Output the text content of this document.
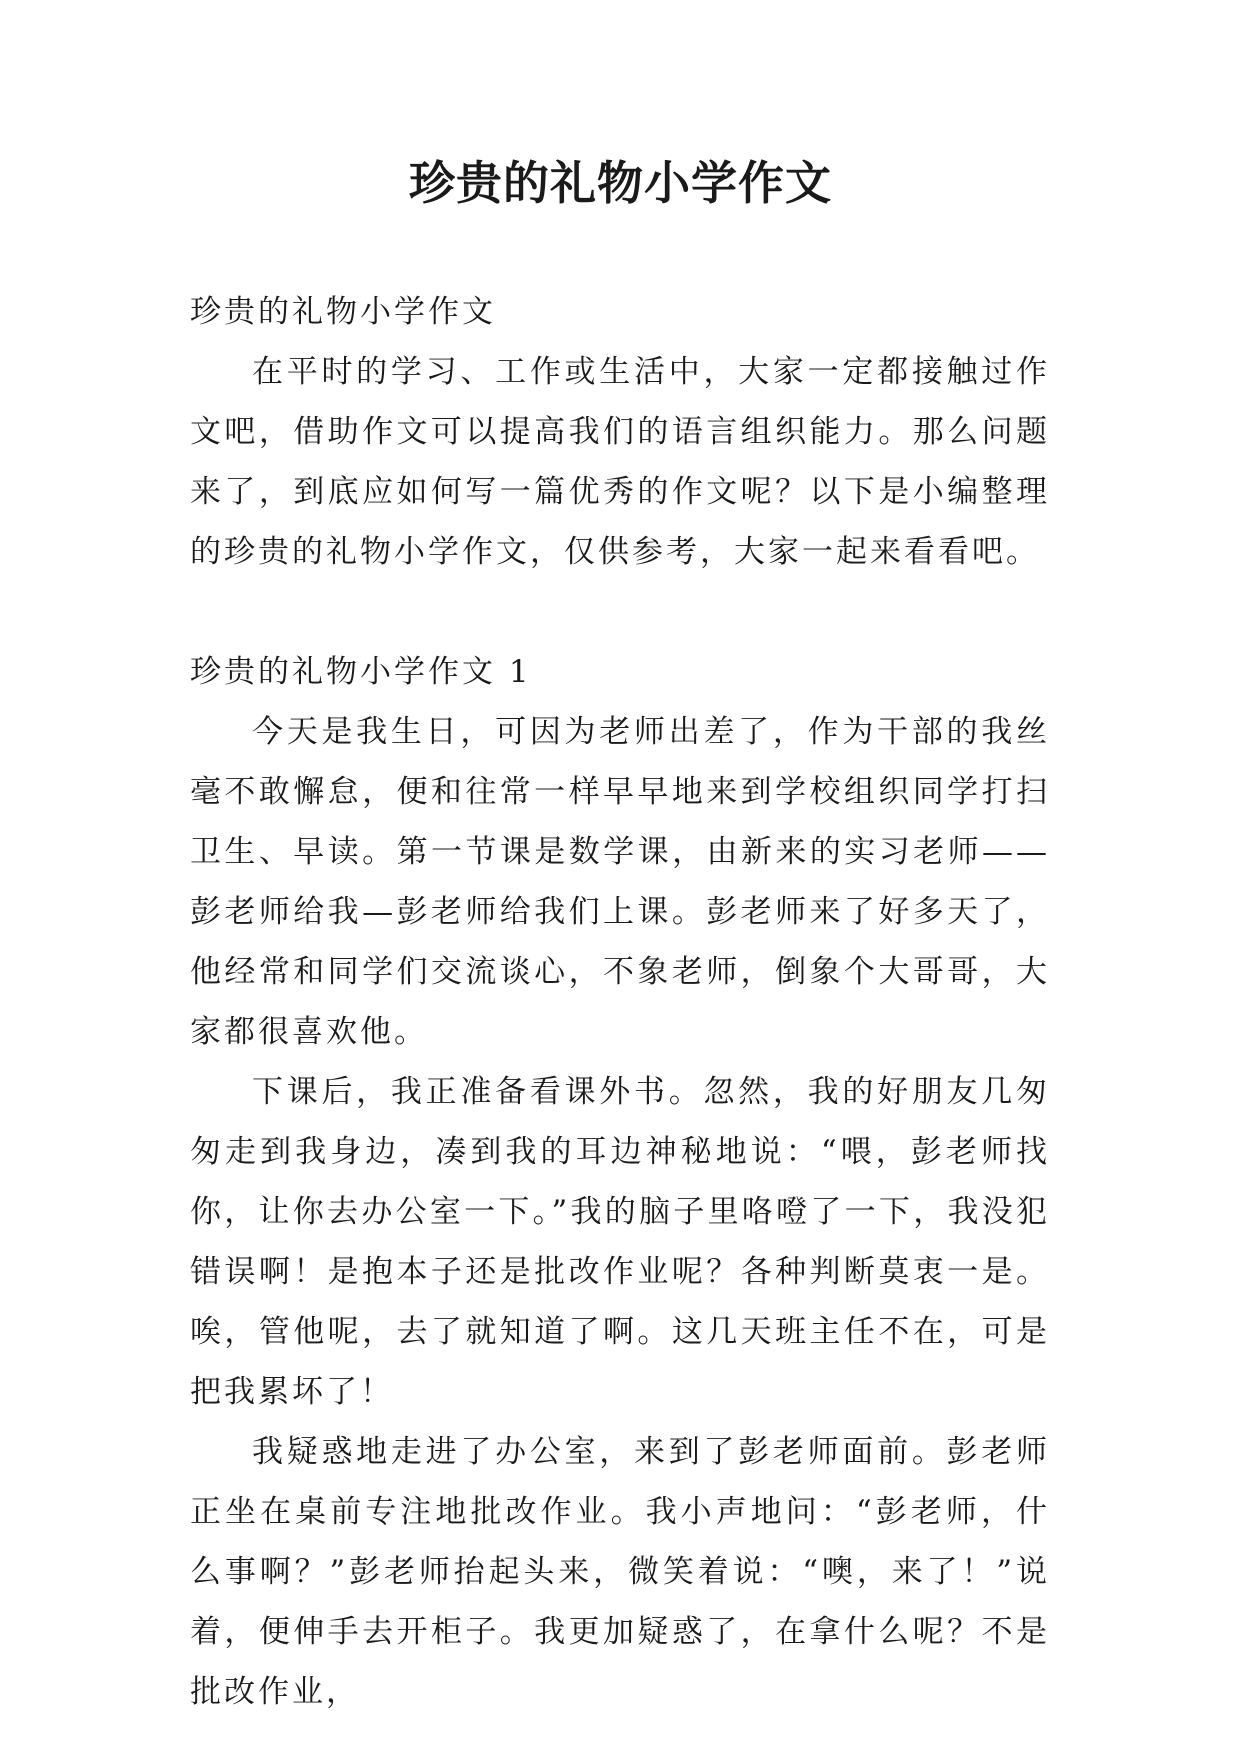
珍贵的礼物小学作文

珍贵的礼物小学作文

在平时的学习、工作或生活中，大家一定都接触过作文吧，借助作文可以提高我们的语言组织能力。那么问题来了，到底应如何写一篇优秀的作文呢？以下是小编整理的珍贵的礼物小学作文，仅供参考，大家一起来看看吧。

珍贵的礼物小学作文 1

今天是我生日，可因为老师出差了，作为干部的我丝毫不敢懈怠，便和往常一样早早地来到学校组织同学打扫卫生、早读。第一节课是数学课，由新来的实习老师——彭老师给我—彭老师给我们上课。彭老师来了好多天了，他经常和同学们交流谈心，不象老师，倒象个大哥哥，大家都很喜欢他。

下课后，我正准备看课外书。忽然，我的好朋友几匆匆走到我身边，凑到我的耳边神秘地说：“喂，彭老师找你，让你去办公室一下。”我的脑子里咯噔了一下，我没犯错误啊！是抱本子还是批改作业呢？各种判断莫衷一是。唉，管他呢，去了就知道了啊。这几天班主任不在，可是把我累坏了！

我疑惑地走进了办公室，来到了彭老师面前。彭老师正坐在桌前专注地批改作业。我小声地问：“彭老师，什么事啊？”彭老师抬起头来，微笑着说：“噢，来了！”说着，便伸手去开柜子。我更加疑惑了，在拿什么呢？不是批改作业，
